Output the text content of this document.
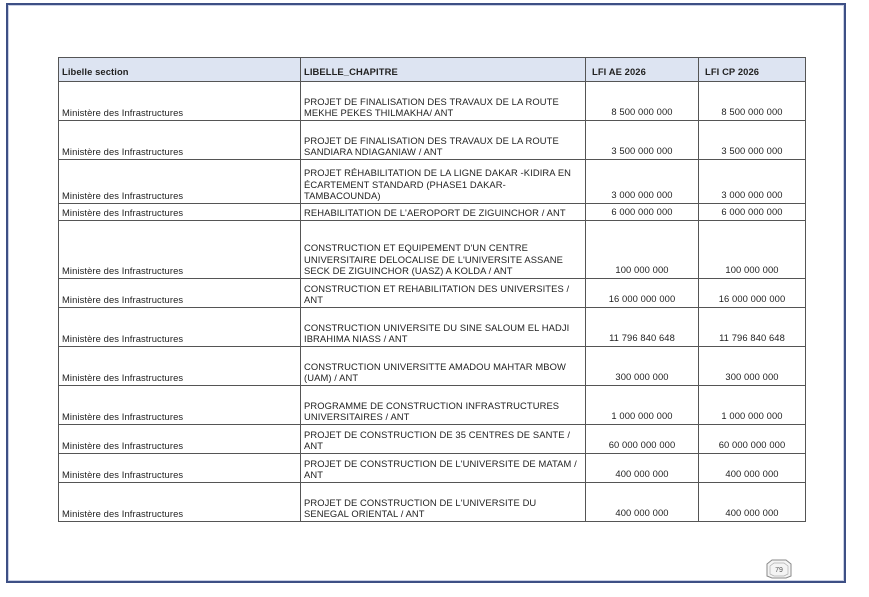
Libelle section	LIBELLE_CHAPITRE	LFI AE 2026	LFI CP 2026
Ministère des Infrastructures	PROJET DE FINALISATION DES TRAVAUX DE LA ROUTE MEKHE PEKES THILMAKHA/ ANT	8 500 000 000	8 500 000 000
Ministère des Infrastructures	PROJET DE FINALISATION DES TRAVAUX DE LA ROUTE SANDIARA NDIAGANIAW / ANT	3 500 000 000	3 500 000 000
Ministère des Infrastructures	PROJET RÉHABILITATION DE LA LIGNE DAKAR -KIDIRA EN ÉCARTEMENT STANDARD (PHASE1 DAKAR-TAMBACOUNDA)	3 000 000 000	3 000 000 000
Ministère des Infrastructures	REHABILITATION DE L'AEROPORT DE ZIGUINCHOR / ANT	6 000 000 000	6 000 000 000
Ministère des Infrastructures	CONSTRUCTION ET EQUIPEMENT D'UN CENTRE UNIVERSITAIRE DELOCALISE DE L'UNIVERSITE ASSANE SECK DE ZIGUINCHOR (UASZ) A KOLDA / ANT	100 000 000	100 000 000
Ministère des Infrastructures	CONSTRUCTION ET REHABILITATION DES UNIVERSITES / ANT	16 000 000 000	16 000 000 000
Ministère des Infrastructures	CONSTRUCTION UNIVERSITE DU SINE SALOUM EL HADJI IBRAHIMA NIASS / ANT	11 796 840 648	11 796 840 648
Ministère des Infrastructures	CONSTRUCTION UNIVERSITTE AMADOU MAHTAR MBOW (UAM) / ANT	300 000 000	300 000 000
Ministère des Infrastructures	PROGRAMME DE CONSTRUCTION INFRASTRUCTURES UNIVERSITAIRES / ANT	1 000 000 000	1 000 000 000
Ministère des Infrastructures	PROJET DE CONSTRUCTION DE 35 CENTRES DE SANTE / ANT	60 000 000 000	60 000 000 000
Ministère des Infrastructures	PROJET DE CONSTRUCTION DE L'UNIVERSITE DE MATAM / ANT	400 000 000	400 000 000
Ministère des Infrastructures	PROJET DE CONSTRUCTION DE L'UNIVERSITE DU SENEGAL ORIENTAL / ANT	400 000 000	400 000 000
79
